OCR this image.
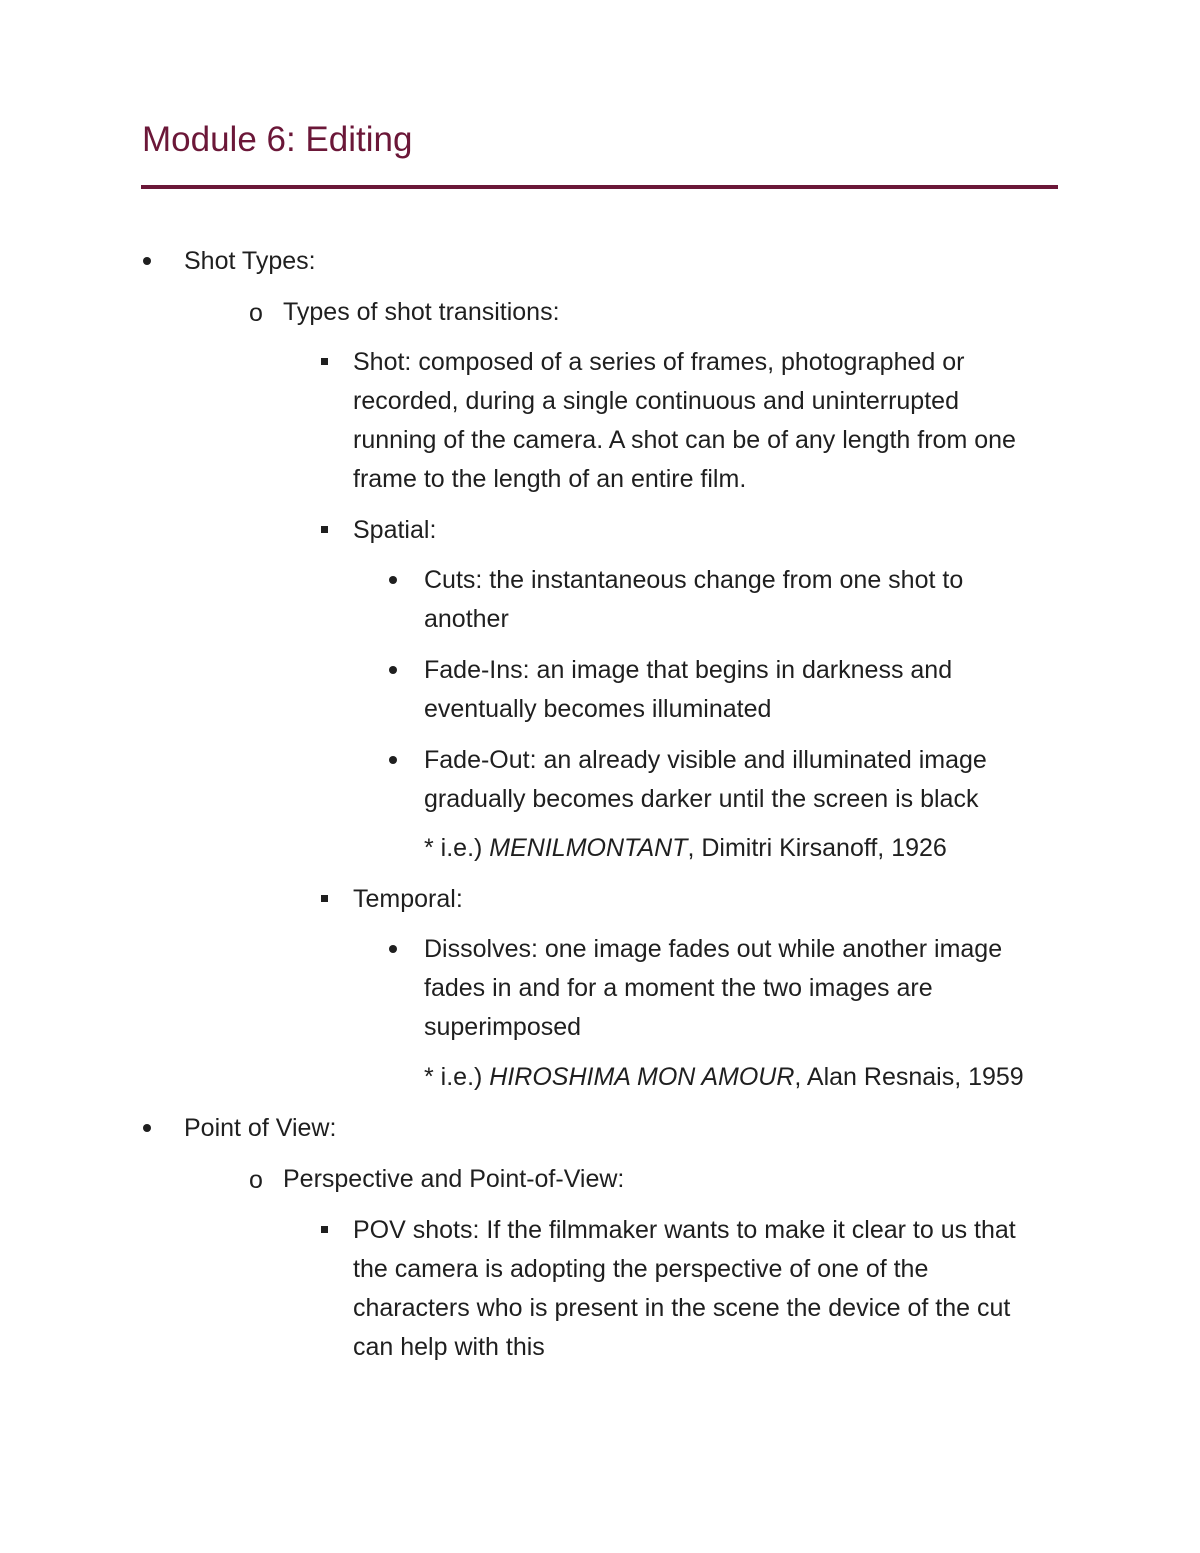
Module 6: Editing
Shot Types:
o Types of shot transitions:
Shot: composed of a series of frames, photographed or recorded, during a single continuous and uninterrupted running of the camera. A shot can be of any length from one frame to the length of an entire film.
Spatial:
Cuts: the instantaneous change from one shot to another
Fade-Ins: an image that begins in darkness and eventually becomes illuminated
Fade-Out: an already visible and illuminated image gradually becomes darker until the screen is black
* i.e.) MENILMONTANT, Dimitri Kirsanoff, 1926
Temporal:
Dissolves: one image fades out while another image fades in and for a moment the two images are superimposed
* i.e.) HIROSHIMA MON AMOUR, Alan Resnais, 1959
Point of View:
o Perspective and Point-of-View:
POV shots: If the filmmaker wants to make it clear to us that the camera is adopting the perspective of one of the characters who is present in the scene the device of the cut can help with this
